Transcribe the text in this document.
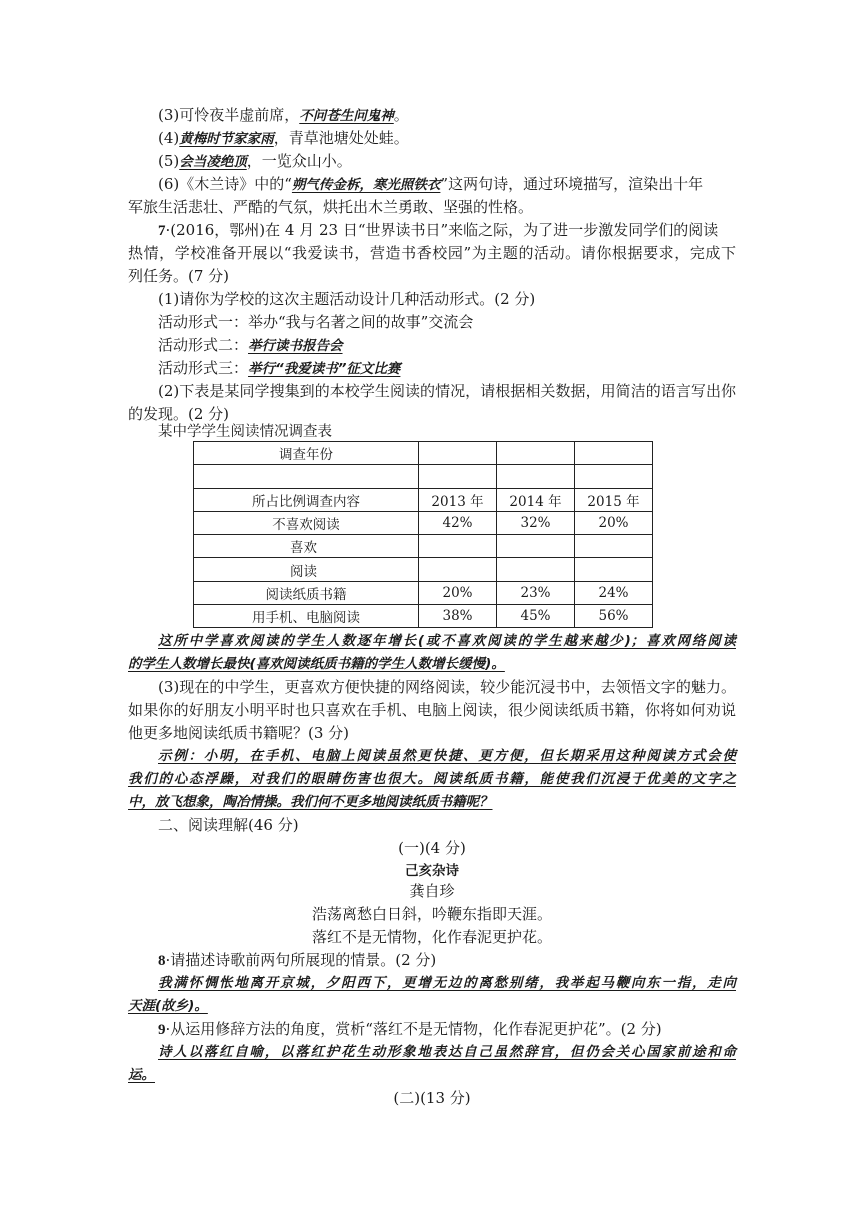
(3)可怜夜半虚前席，不问苍生问鬼神。
(4)黄梅时节家家雨，青草池塘处处蛙。
(5)会当凌绝顶，一览众山小。
(6)《木兰诗》中的“朔气传金柝，寒光照铁衣”这两句诗，通过环境描写，渲染出十年
军旅生活悲壮、严酷的气氛，烘托出木兰勇敢、坚强的性格。
7·(2016，鄂州)在 4 月 23 日“世界读书日”来临之际，为了进一步激发同学们的阅读
热情，学校准备开展以“我爱读书，营造书香校园”为主题的活动。请你根据要求，完成下
列任务。(7 分)
(1)请你为学校的这次主题活动设计几种活动形式。(2 分)
活动形式一：举办“我与名著之间的故事”交流会
活动形式二：举行读书报告会
活动形式三：举行“我爱读书”征文比赛
(2)下表是某同学搜集到的本校学生阅读的情况，请根据相关数据，用简洁的语言写出你
的发现。(2 分)
某中学学生阅读情况调查表
调查年份			

所占比例调查内容	2013 年	2014 年	2015 年
不喜欢阅读	42%	32%	20%
喜欢			
阅读			
阅读纸质书籍	20%	23%	24%
用手机、电脑阅读	38%	45%	56%
这所中学喜欢阅读的学生人数逐年增长(或不喜欢阅读的学生越来越少)；喜欢网络阅读
的学生人数增长最快(喜欢阅读纸质书籍的学生人数增长缓慢)。
(3)现在的中学生，更喜欢方便快捷的网络阅读，较少能沉浸书中，去领悟文字的魅力。
如果你的好朋友小明平时也只喜欢在手机、电脑上阅读，很少阅读纸质书籍，你将如何劝说
他更多地阅读纸质书籍呢？(3 分)
示例：小明，在手机、电脑上阅读虽然更快捷、更方便，但长期采用这种阅读方式会使
我们的心态浮躁，对我们的眼睛伤害也很大。阅读纸质书籍，能使我们沉浸于优美的文字之
中，放飞想象，陶冶情操。我们何不更多地阅读纸质书籍呢？
二、阅读理解(46 分)
(一)(4 分)
己亥杂诗
龚自珍
浩荡离愁白日斜，吟鞭东指即天涯。
落红不是无情物，化作春泥更护花。
8·请描述诗歌前两句所展现的情景。(2 分)
我满怀惆怅地离开京城，夕阳西下，更增无边的离愁别绪，我举起马鞭向东一指，走向
天涯(故乡)。
9·从运用修辞方法的角度，赏析“落红不是无情物，化作春泥更护花”。(2 分)
诗人以落红自喻，以落红护花生动形象地表达自己虽然辞官，但仍会关心国家前途和命
运。
(二)(13 分)
